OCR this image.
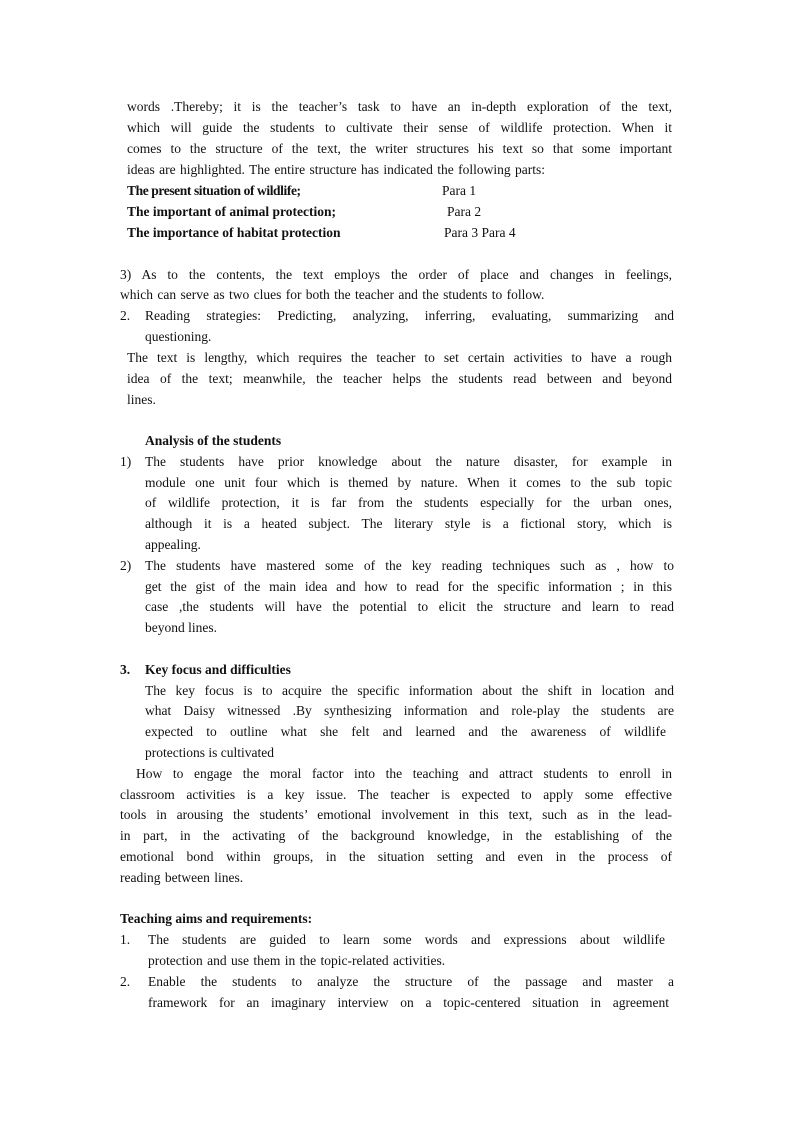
words .Thereby; it is the teacher’s task to have an in-depth exploration of the text,
which will guide the students to cultivate their sense of wildlife protection. When it
comes to the structure of the text, the writer structures his text so that some important
ideas are highlighted. The entire structure has indicated the following parts:
The present situation of wildlife;	Para 1
The important of animal protection;	Para 2
The importance of habitat protection	Para 3 Para 4
3) As to the contents, the text employs the order of place and changes in feelings,
which can serve as two clues for both the teacher and the students to follow.
2. Reading strategies: Predicting, analyzing, inferring, evaluating, summarizing and
questioning.
The text is lengthy, which requires the teacher to set certain activities to have a rough
idea of the text; meanwhile, the teacher helps the students read between and beyond
lines.
Analysis of the students
1) The students have prior knowledge about the nature disaster, for example in
module one unit four which is themed by nature. When it comes to the sub topic
of wildlife protection, it is far from the students especially for the urban ones,
although it is a heated subject. The literary style is a fictional story, which is
appealing.
2) The students have mastered some of the key reading techniques such as , how to
get the gist of the main idea and how to read for the specific information ; in this
case ,the students will have the potential to elicit the structure and learn to read
beyond lines.
3. Key focus and difficulties
The key focus is to acquire the specific information about the shift in location and
what Daisy witnessed .By synthesizing information and role-play the students are
expected to outline what she felt and learned and the awareness of wildlife
protections is cultivated
How to engage the moral factor into the teaching and attract students to enroll in
classroom activities is a key issue. The teacher is expected to apply some effective
tools in arousing the students’ emotional involvement in this text, such as in the lead-
in part, in the activating of the background knowledge, in the establishing of the
emotional bond within groups, in the situation setting and even in the process of
reading between lines.
Teaching aims and requirements:
1. The students are guided to learn some words and expressions about wildlife
protection and use them in the topic-related activities.
2. Enable the students to analyze the structure of the passage and master a
framework for an imaginary interview on a topic-centered situation in agreement
